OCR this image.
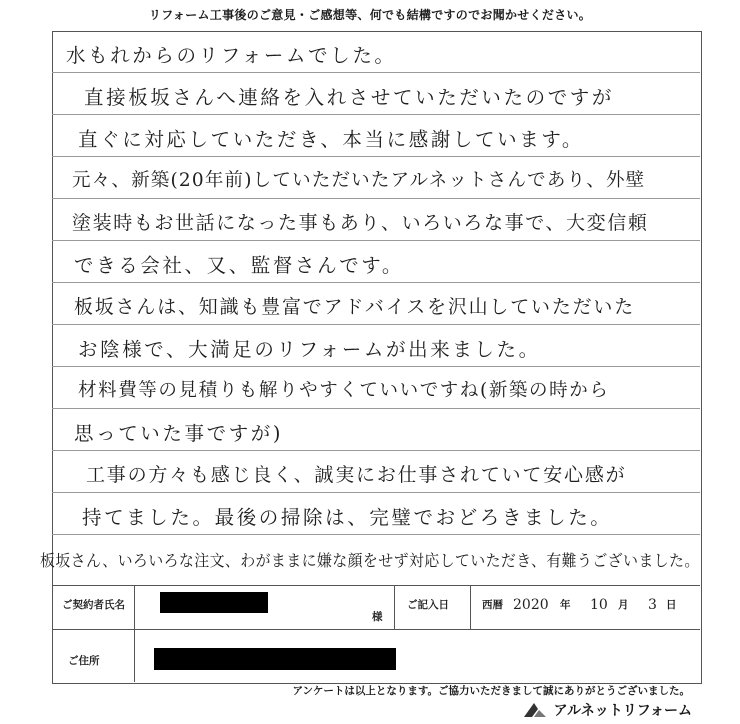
リフォーム工事後のご意見・ご感想等、何でも結構ですのでお聞かせください。
水もれからのリフォームでした。
直接板坂さんへ連絡を入れさせていただいたのですが
直ぐに対応していただき、本当に感謝しています。
元々、新築(20年前)していただいたアルネットさんであり、外壁
塗装時もお世話になった事もあり、いろいろな事で、大変信頼
できる会社、又、監督さんです。
板坂さんは、知識も豊富でアドバイスを沢山していただいた
お陰様で、大満足のリフォームが出来ました。
材料費等の見積りも解りやすくていいですね(新築の時から
思っていた事ですが)
工事の方々も感じ良く、誠実にお仕事されていて安心感が
持てました。最後の掃除は、完璧でおどろきました。
板坂さん、いろいろな注文、わがままに嫌な顔をせず対応していただき、有難うございました。
ご契約者氏名
様
ご記入日	西暦 2020 年 10 月 3 日
ご住所
アンケートは以上となります。ご協力いただきまして誠にありがとうございました。
アルネットリフォーム
